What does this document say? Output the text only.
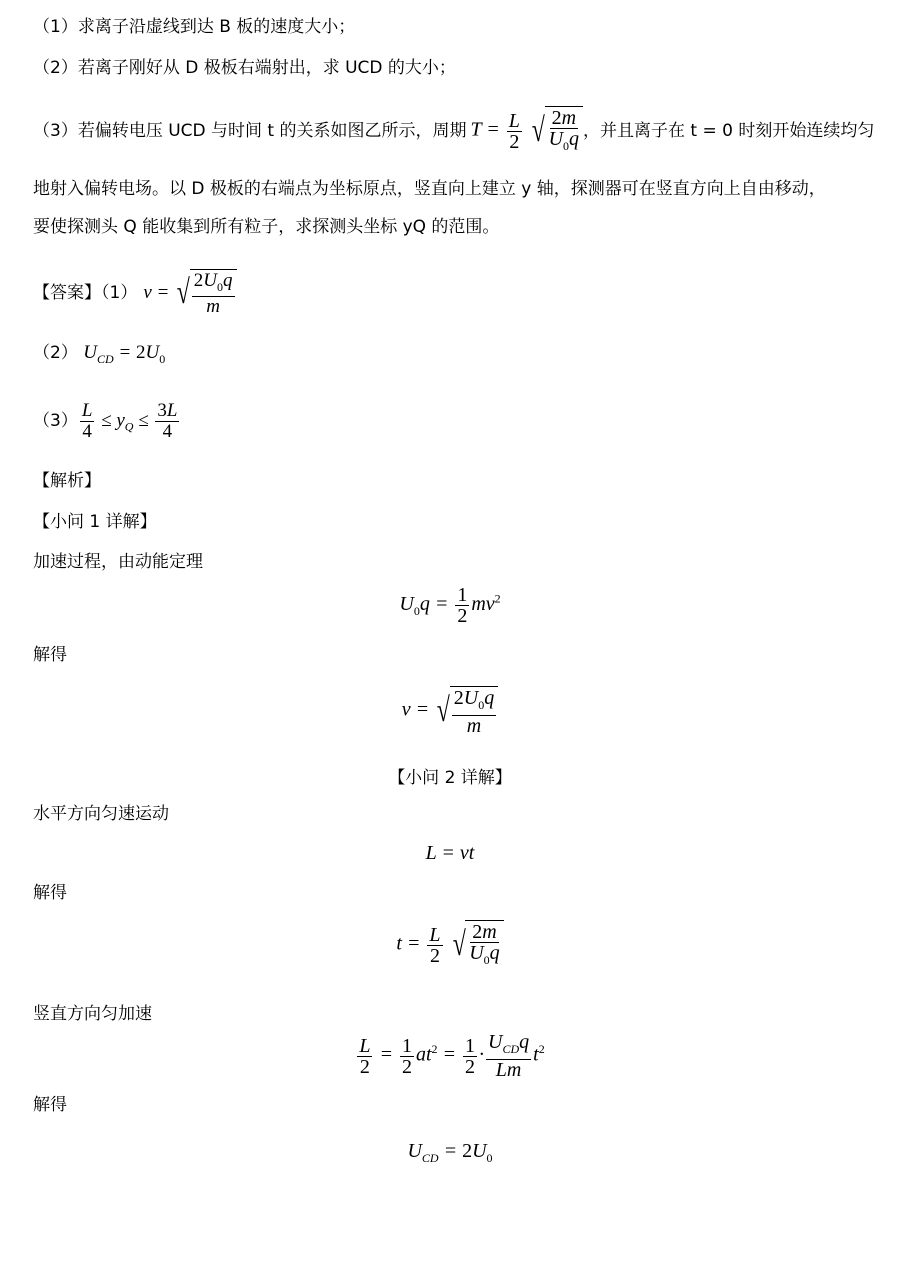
（1）求离子沿虚线到达 B 板的速度大小；
（2）若离子刚好从 D 极板右端射出，求 UCD 的大小；
（3）若偏转电压 UCD 与时间 t 的关系如图乙所示，周期 $T = \frac{L}{2}$
√ $\frac{2m}{U_0q}$ ，并且离子在 t = 0 时刻开始连续均匀
地射入偏转电场。以 D 极板的右端点为坐标原点，竖直向上建立 y 轴，探测器可在竖直方向上自由移动，
要使探测头 Q 能收集到所有粒子，求探测头坐标 yQ 的范围。
【答案】（1） v = √ $\frac{2U_0q}{m}$
（2） $U_{CD} = 2U_0$
$(3) \frac{L}{4} \le y_Q \le \frac{3L}{4}$
【解析】
【小问 1 详解】
加速过程，由动能定理
$U_0q = \frac{1}{2} mv^2$
解得
v = √ $\frac{2U_0q}{m}$
【小问 2 详解】
水平方向匀速运动
L = vt
解得
$t = \frac{L}{2}$
√ $\frac{2m}{U_0q}$
竖直方向匀加速
$\frac{L}{2} = \frac{1}{2} at^2 = \frac{1}{2} \cdot \frac{U_{CD}q}{Lm} t^2$
解得
$U_{CD} = 2U_0$
